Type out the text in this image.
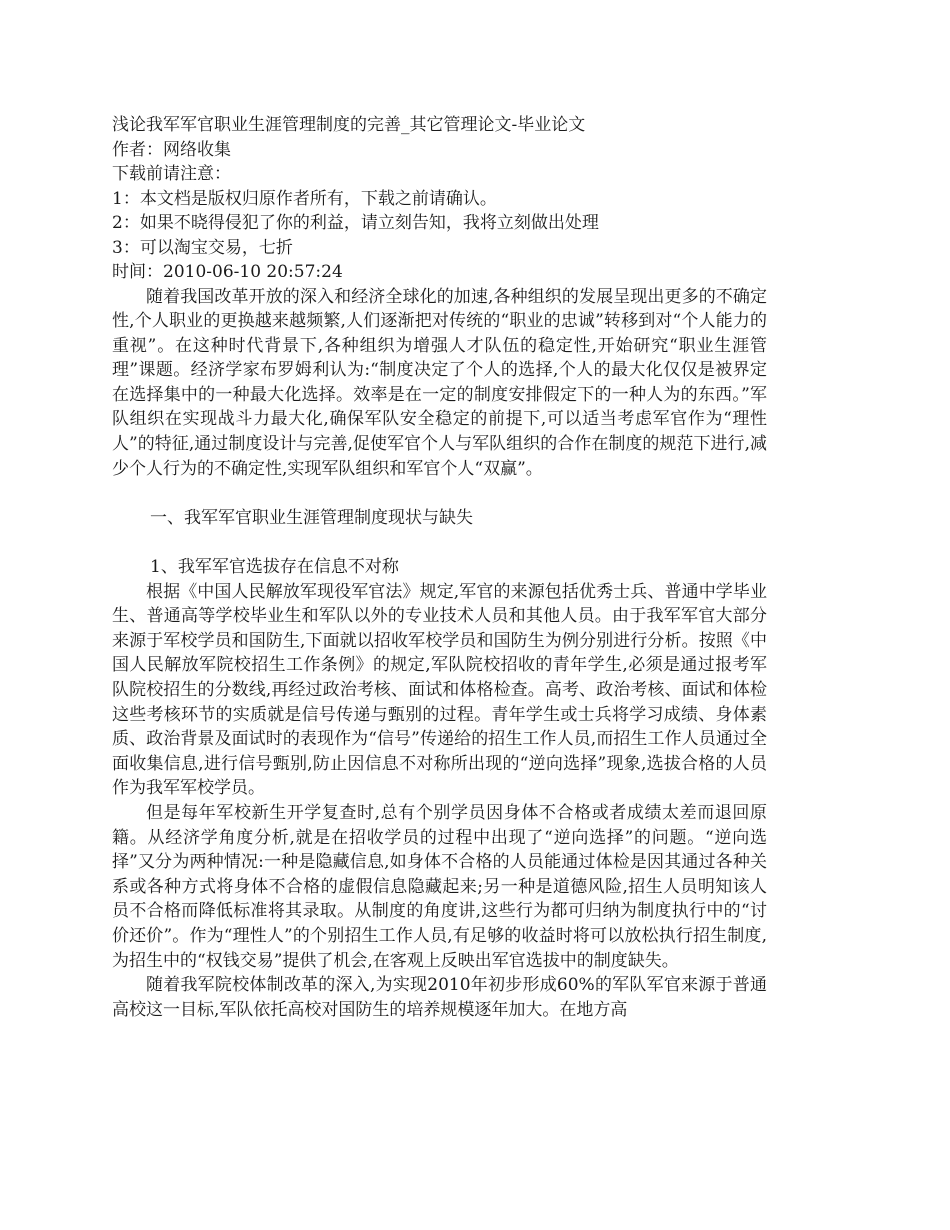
浅论我军军官职业生涯管理制度的完善_其它管理论文-毕业论文

作者：网络收集

下载前请注意：

1：本文档是版权归原作者所有，下载之前请确认。

2：如果不晓得侵犯了你的利益，请立刻告知，我将立刻做出处理

3：可以淘宝交易，七折

时间：2010-06-10 20:57:24

随着我国改革开放的深入和经济全球化的加速,各种组织的发展呈现出更多的不确定性,个人职业的更换越来越频繁,人们逐渐把对传统的“职业的忠诚”转移到对“个人能力的重视”。在这种时代背景下,各种组织为增强人才队伍的稳定性,开始研究“职业生涯管理”课题。经济学家布罗姆利认为:“制度决定了个人的选择,个人的最大化仅仅是被界定在选择集中的一种最大化选择。效率是在一定的制度安排假定下的一种人为的东西。”军队组织在实现战斗力最大化,确保军队安全稳定的前提下,可以适当考虑军官作为“理性人”的特征,通过制度设计与完善,促使军官个人与军队组织的合作在制度的规范下进行,减少个人行为的不确定性,实现军队组织和军官个人“双赢”。

一、我军军官职业生涯管理制度现状与缺失

1、我军军官选拔存在信息不对称

根据《中国人民解放军现役军官法》规定,军官的来源包括优秀士兵、普通中学毕业生、普通高等学校毕业生和军队以外的专业技术人员和其他人员。由于我军军官大部分来源于军校学员和国防生,下面就以招收军校学员和国防生为例分别进行分析。按照《中国人民解放军院校招生工作条例》的规定,军队院校招收的青年学生,必须是通过报考军队院校招生的分数线,再经过政治考核、面试和体格检查。高考、政治考核、面试和体检这些考核环节的实质就是信号传递与甄别的过程。青年学生或士兵将学习成绩、身体素质、政治背景及面试时的表现作为“信号”传递给的招生工作人员,而招生工作人员通过全面收集信息,进行信号甄别,防止因信息不对称所出现的“逆向选择”现象,选拔合格的人员作为我军军校学员。

但是每年军校新生开学复查时,总有个别学员因身体不合格或者成绩太差而退回原籍。从经济学角度分析,就是在招收学员的过程中出现了“逆向选择”的问题。“逆向选择”又分为两种情况:一种是隐藏信息,如身体不合格的人员能通过体检是因其通过各种关系或各种方式将身体不合格的虚假信息隐藏起来;另一种是道德风险,招生人员明知该人员不合格而降低标准将其录取。从制度的角度讲,这些行为都可归纳为制度执行中的“讨价还价”。作为“理性人”的个别招生工作人员,有足够的收益时将可以放松执行招生制度,为招生中的“权钱交易”提供了机会,在客观上反映出军官选拔中的制度缺失。

随着我军院校体制改革的深入,为实现2010年初步形成60%的军队军官来源于普通高校这一目标,军队依托高校对国防生的培养规模逐年加大。在地方高
